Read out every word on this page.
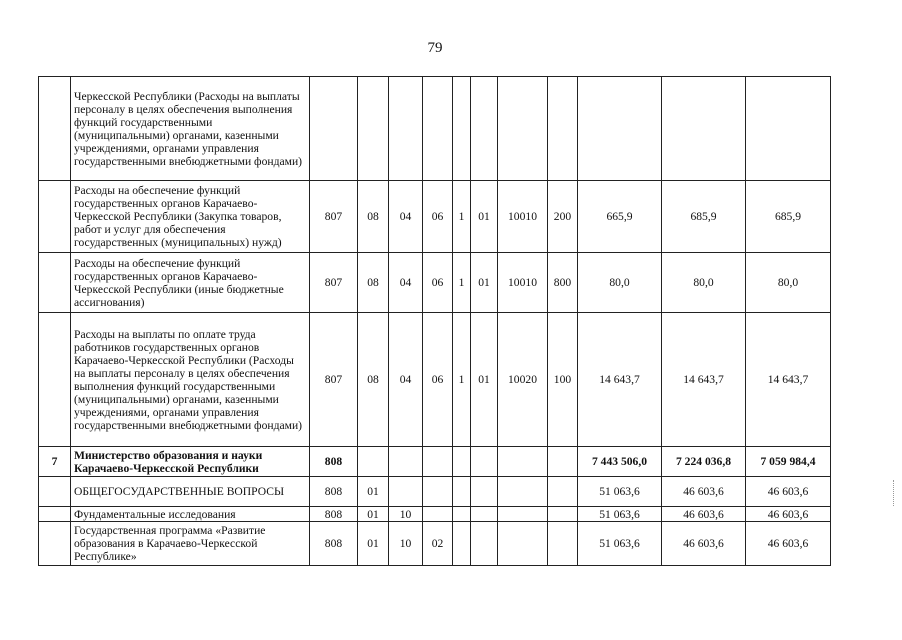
79
	Черкесской Республики (Расходы на выплаты персоналу в целях обеспечения выполнения функций государственными (муниципальными) органами, казенными учреждениями, органами управления государственными внебюджетными фондами)											
	Расходы на обеспечение функций государственных органов Карачаево-Черкесской Республики (Закупка товаров, работ и услуг для обеспечения государственных (муниципальных) нужд)	807	08	04	06	1	01	10010	200	665,9	685,9	685,9
	Расходы на обеспечение функций государственных органов Карачаево-Черкесской Республики (иные бюджетные ассигнования)	807	08	04	06	1	01	10010	800	80,0	80,0	80,0
	Расходы на выплаты по оплате труда работников государственных органов Карачаево-Черкесской Республики (Расходы на выплаты персоналу в целях обеспечения выполнения функций государственными (муниципальными) органами, казенными учреждениями, органами управления государственными внебюджетными фондами)	807	08	04	06	1	01	10020	100	14 643,7	14 643,7	14 643,7
7	Министерство образования и науки Карачаево-Черкесской Республики	808								7 443 506,0	7 224 036,8	7 059 984,4
	ОБЩЕГОСУДАРСТВЕННЫЕ ВОПРОСЫ	808	01							51 063,6	46 603,6	46 603,6
	Фундаментальные исследования	808	01	10						51 063,6	46 603,6	46 603,6
	Государственная программа «Развитие образования в Карачаево-Черкесской Республике»	808	01	10	02					51 063,6	46 603,6	46 603,6
